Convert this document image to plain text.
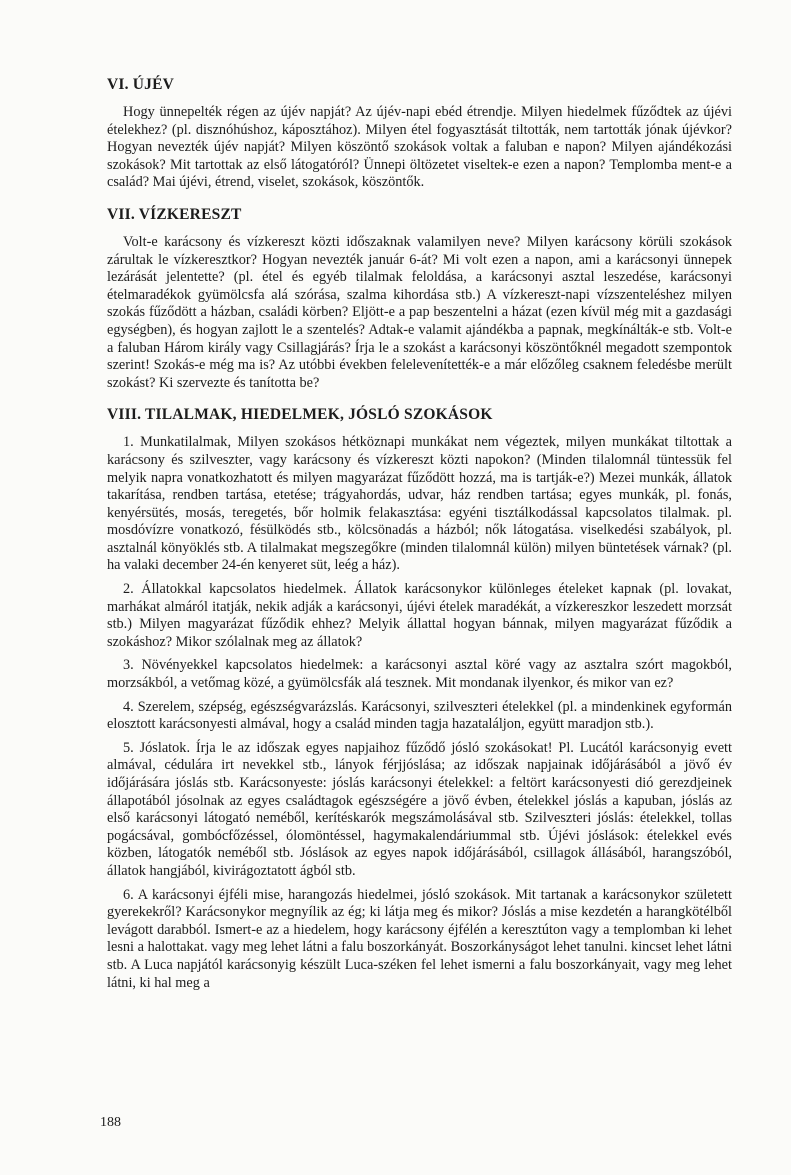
VI. ÚJÉV

Hogy ünnepelték régen az újév napját? Az újév-napi ebéd étrendje. Milyen hiedelmek fűződtek az újévi ételekhez? (pl. disznóhúshoz, káposztához). Milyen étel fogyasztását tiltották, nem tartották jónak újévkor? Hogyan nevezték újév napját? Milyen köszöntő szokások voltak a faluban e napon? Milyen ajándékozási szokások? Mit tartottak az első látogatóról? Ünnepi öltözetet viseltek-e ezen a napon? Templomba ment-e a család? Mai újévi, étrend, viselet, szokások, köszöntők.

VII. VÍZKERESZT

Volt-e karácsony és vízkereszt közti időszaknak valamilyen neve? Milyen karácsony körüli szokások zárultak le vízkeresztkor? Hogyan nevezték január 6-át? Mi volt ezen a napon, ami a karácsonyi ünnepek lezárását jelentette? (pl. étel és egyéb tilalmak feloldása, a karácsonyi asztal leszedése, karácsonyi ételmaradékok gyümölcsfa alá szórása, szalma kihordása stb.) A vízkereszt-napi vízszenteléshez milyen szokás fűződött a házban, családi körben? Eljött-e a pap beszentelni a házat (ezen kívül még mit a gazdasági egységben), és hogyan zajlott le a szentelés? Adtak-e valamit ajándékba a papnak, megkínálták-e stb. Volt-e a faluban Három király vagy Csillagjárás? Írja le a szokást a karácsonyi köszöntőknél megadott szempontok szerint! Szokás-e még ma is? Az utóbbi években felelevenítették-e a már előzőleg csaknem feledésbe merült szokást? Ki szervezte és tanította be?

VIII. TILALMAK, HIEDELMEK, JÓSLÓ SZOKÁSOK

1. Munkatilalmak, Milyen szokásos hétköznapi munkákat nem végeztek, milyen munkákat tiltottak a karácsony és szilveszter, vagy karácsony és vízkereszt közti napokon? (Minden tilalomnál tüntessük fel melyik napra vonatkozhatott és milyen magyarázat fűződött hozzá, ma is tartják-e?) Mezei munkák, állatok takarítása, rendben tartása, etetése; trágyahordás, udvar, ház rendben tartása; egyes munkák, pl. fonás, kenyérsütés, mosás, teregetés, bőr holmik felakasztása: egyéni tisztálkodással kapcsolatos tilalmak. pl. mosdóvízre vonatkozó, fésülködés stb., kölcsönadás a házból; nők látogatása. viselkedési szabályok, pl. asztalnál könyöklés stb. A tilalmakat megszegőkre (minden tilalomnál külön) milyen büntetések várnak? (pl. ha valaki december 24-én kenyeret süt, leég a ház).

2. Állatokkal kapcsolatos hiedelmek. Állatok karácsonykor különleges ételeket kapnak (pl. lovakat, marhákat almáról itatják, nekik adják a karácsonyi, újévi ételek maradékát, a vízkereszkor leszedett morzsát stb.) Milyen magyarázat fűződik ehhez? Melyik állattal hogyan bánnak, milyen magyarázat fűződik a szokáshoz? Mikor szólalnak meg az állatok?

3. Növényekkel kapcsolatos hiedelmek: a karácsonyi asztal köré vagy az asztalra szórt magokból, morzsákból, a vetőmag közé, a gyümölcsfák alá tesznek. Mit mondanak ilyenkor, és mikor van ez?

4. Szerelem, szépség, egészségvarázslás. Karácsonyi, szilveszteri ételekkel (pl. a mindenkinek egyformán elosztott karácsonyesti almával, hogy a család minden tagja hazataláljon, együtt maradjon stb.).

5. Jóslatok. Írja le az időszak egyes napjaihoz fűződő jósló szokásokat! Pl. Lucától karácsonyig evett almával, cédulára irt nevekkel stb., lányok férjjóslása; az időszak napjainak időjárásából a jövő év időjárására jóslás stb. Karácsonyeste: jóslás karácsonyi ételekkel: a feltört karácsonyesti dió gerezdjeinek állapotából jósolnak az egyes családtagok egészségére a jövő évben, ételekkel jóslás a kapuban, jóslás az első karácsonyi látogató neméből, kerítéskarók megszámolásával stb. Szilveszteri jóslás: ételekkel, tollas pogácsával, gombócfőzéssel, ólomöntéssel, hagymakalendáriummal stb. Újévi jóslások: ételekkel evés közben, látogatók neméből stb. Jóslások az egyes napok időjárásából, csillagok állásából, harangszóból, állatok hangjából, kivirágoztatott ágból stb.

6. A karácsonyi éjféli mise, harangozás hiedelmei, jósló szokások. Mit tartanak a karácsonykor született gyerekekről? Karácsonykor megnyílik az ég; ki látja meg és mikor? Jóslás a mise kezdetén a harangkötélből levágott darabból. Ismert-e az a hiedelem, hogy karácsony éjfélén a keresztúton vagy a templomban ki lehet lesni a halottakat. vagy meg lehet látni a falu boszorkányát. Boszorkányságot lehet tanulni. kincset lehet látni stb. A Luca napjától karácsonyig készült Luca-széken fel lehet ismerni a falu boszorkányait, vagy meg lehet látni, ki hal meg a

188
